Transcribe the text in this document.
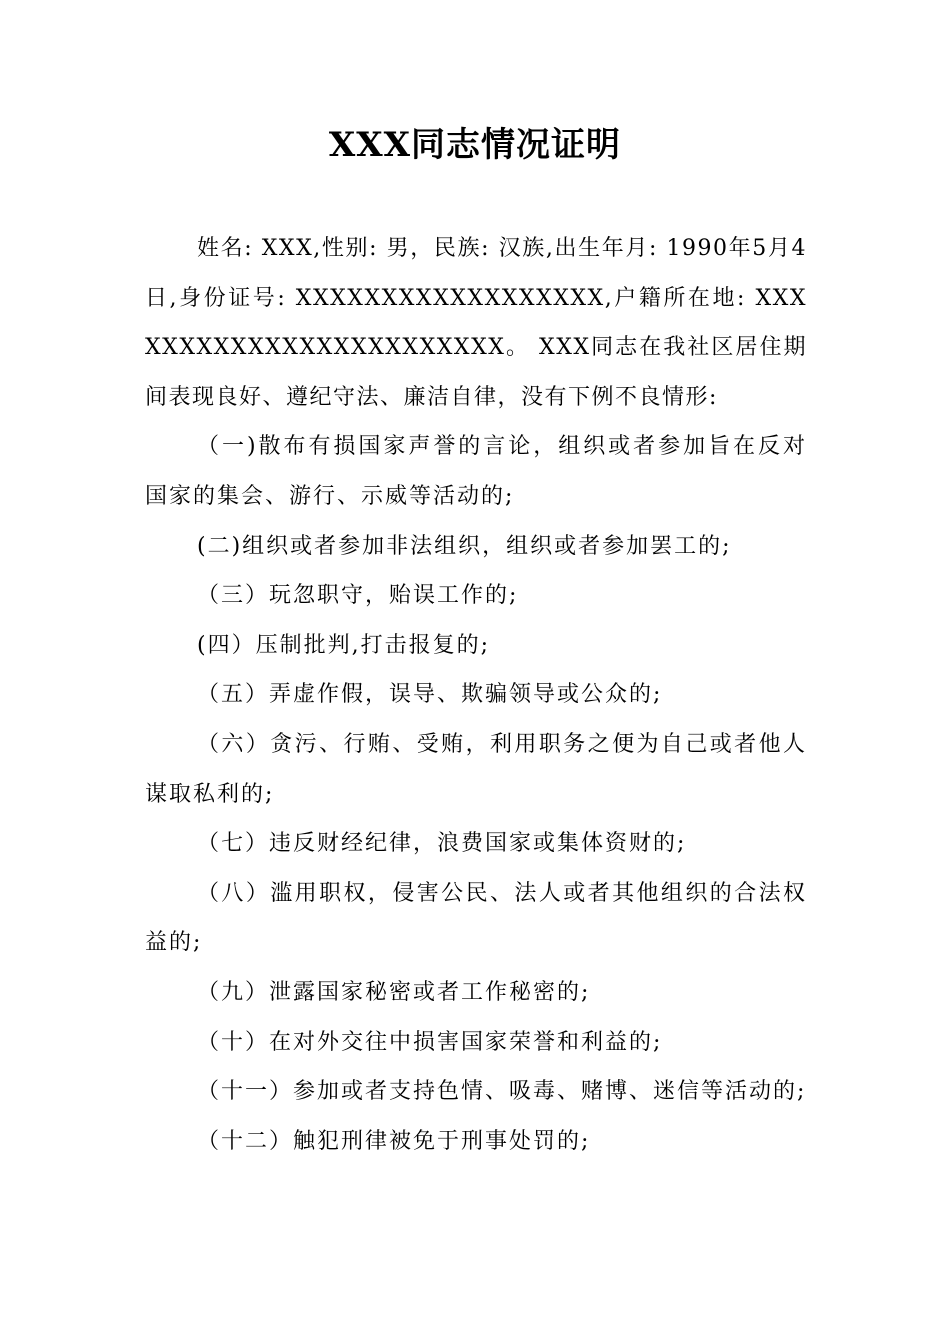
XXX同志情况证明

姓名: XXX,性别: 男，民族: 汉族,出生年月: 1990年5月4日,身份证号: XXXXXXXXXXXXXXXXXX,户籍所在地: XXXXXXXXXXXXXXXXXXXXXXXX。 XXX同志在我社区居住期间表现良好、遵纪守法、廉洁自律，没有下例不良情形:

（一)散布有损国家声誉的言论，组织或者参加旨在反对国家的集会、游行、示威等活动的;

(二)组织或者参加非法组织，组织或者参加罢工的;

（三）玩忽职守，贻误工作的;

(四）压制批判,打击报复的;

（五）弄虚作假，误导、欺骗领导或公众的;

（六）贪污、行贿、受贿，利用职务之便为自己或者他人谋取私利的;

（七）违反财经纪律，浪费国家或集体资财的;

（八）滥用职权，侵害公民、法人或者其他组织的合法权益的;

（九）泄露国家秘密或者工作秘密的;

（十）在对外交往中损害国家荣誉和利益的;

（十一）参加或者支持色情、吸毒、赌博、迷信等活动的;

（十二）触犯刑律被免于刑事处罚的;
